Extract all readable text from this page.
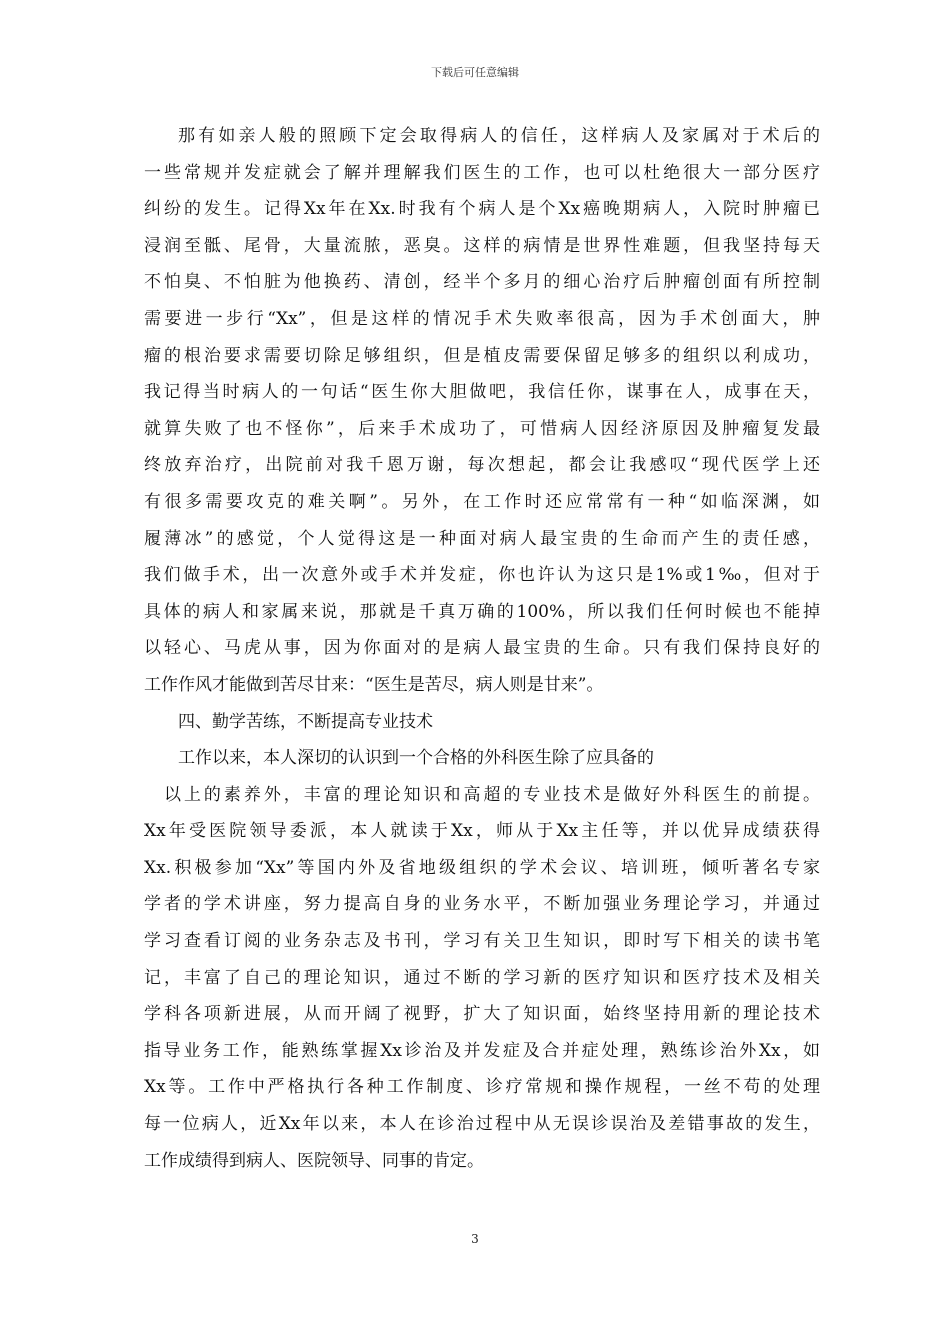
下载后可任意编辑
那有如亲人般的照顾下定会取得病人的信任，这样病人及家属对于术后的
一些常规并发症就会了解并理解我们医生的工作，也可以杜绝很大一部分医疗
纠纷的发生。记得Xx年在Xx.时我有个病人是个Xx癌晚期病人，入院时肿瘤已
浸润至骶、尾骨，大量流脓，恶臭。这样的病情是世界性难题，但我坚持每天
不怕臭、不怕脏为他换药、清创，经半个多月的细心治疗后肿瘤创面有所控制
需要进一步行“Xx”，但是这样的情况手术失败率很高，因为手术创面大，肿
瘤的根治要求需要切除足够组织，但是植皮需要保留足够多的组织以利成功，
我记得当时病人的一句话“医生你大胆做吧，我信任你，谋事在人，成事在天，
就算失败了也不怪你”，后来手术成功了，可惜病人因经济原因及肿瘤复发最
终放弃治疗，出院前对我千恩万谢，每次想起，都会让我感叹“现代医学上还
有很多需要攻克的难关啊”。另外，在工作时还应常常有一种“如临深渊，如
履薄冰”的感觉，个人觉得这是一种面对病人最宝贵的生命而产生的责任感，
我们做手术，出一次意外或手术并发症，你也许认为这只是1%或1‰，但对于
具体的病人和家属来说，那就是千真万确的100%，所以我们任何时候也不能掉
以轻心、马虎从事，因为你面对的是病人最宝贵的生命。只有我们保持良好的
工作作风才能做到苦尽甘来：“医生是苦尽，病人则是甘来”。
四、勤学苦练，不断提高专业技术
工作以来，本人深切的认识到一个合格的外科医生除了应具备的
以上的素养外，丰富的理论知识和高超的专业技术是做好外科医生的前提。
Xx年受医院领导委派，本人就读于Xx，师从于Xx主任等，并以优异成绩获得
Xx.积极参加“Xx”等国内外及省地级组织的学术会议、培训班，倾听著名专家
学者的学术讲座，努力提高自身的业务水平，不断加强业务理论学习，并通过
学习查看订阅的业务杂志及书刊，学习有关卫生知识，即时写下相关的读书笔
记，丰富了自己的理论知识，通过不断的学习新的医疗知识和医疗技术及相关
学科各项新进展，从而开阔了视野，扩大了知识面，始终坚持用新的理论技术
指导业务工作，能熟练掌握Xx诊治及并发症及合并症处理，熟练诊治外Xx，如
Xx等。工作中严格执行各种工作制度、诊疗常规和操作规程，一丝不苟的处理
每一位病人，近Xx年以来，本人在诊治过程中从无误诊误治及差错事故的发生，
工作成绩得到病人、医院领导、同事的肯定。
3
